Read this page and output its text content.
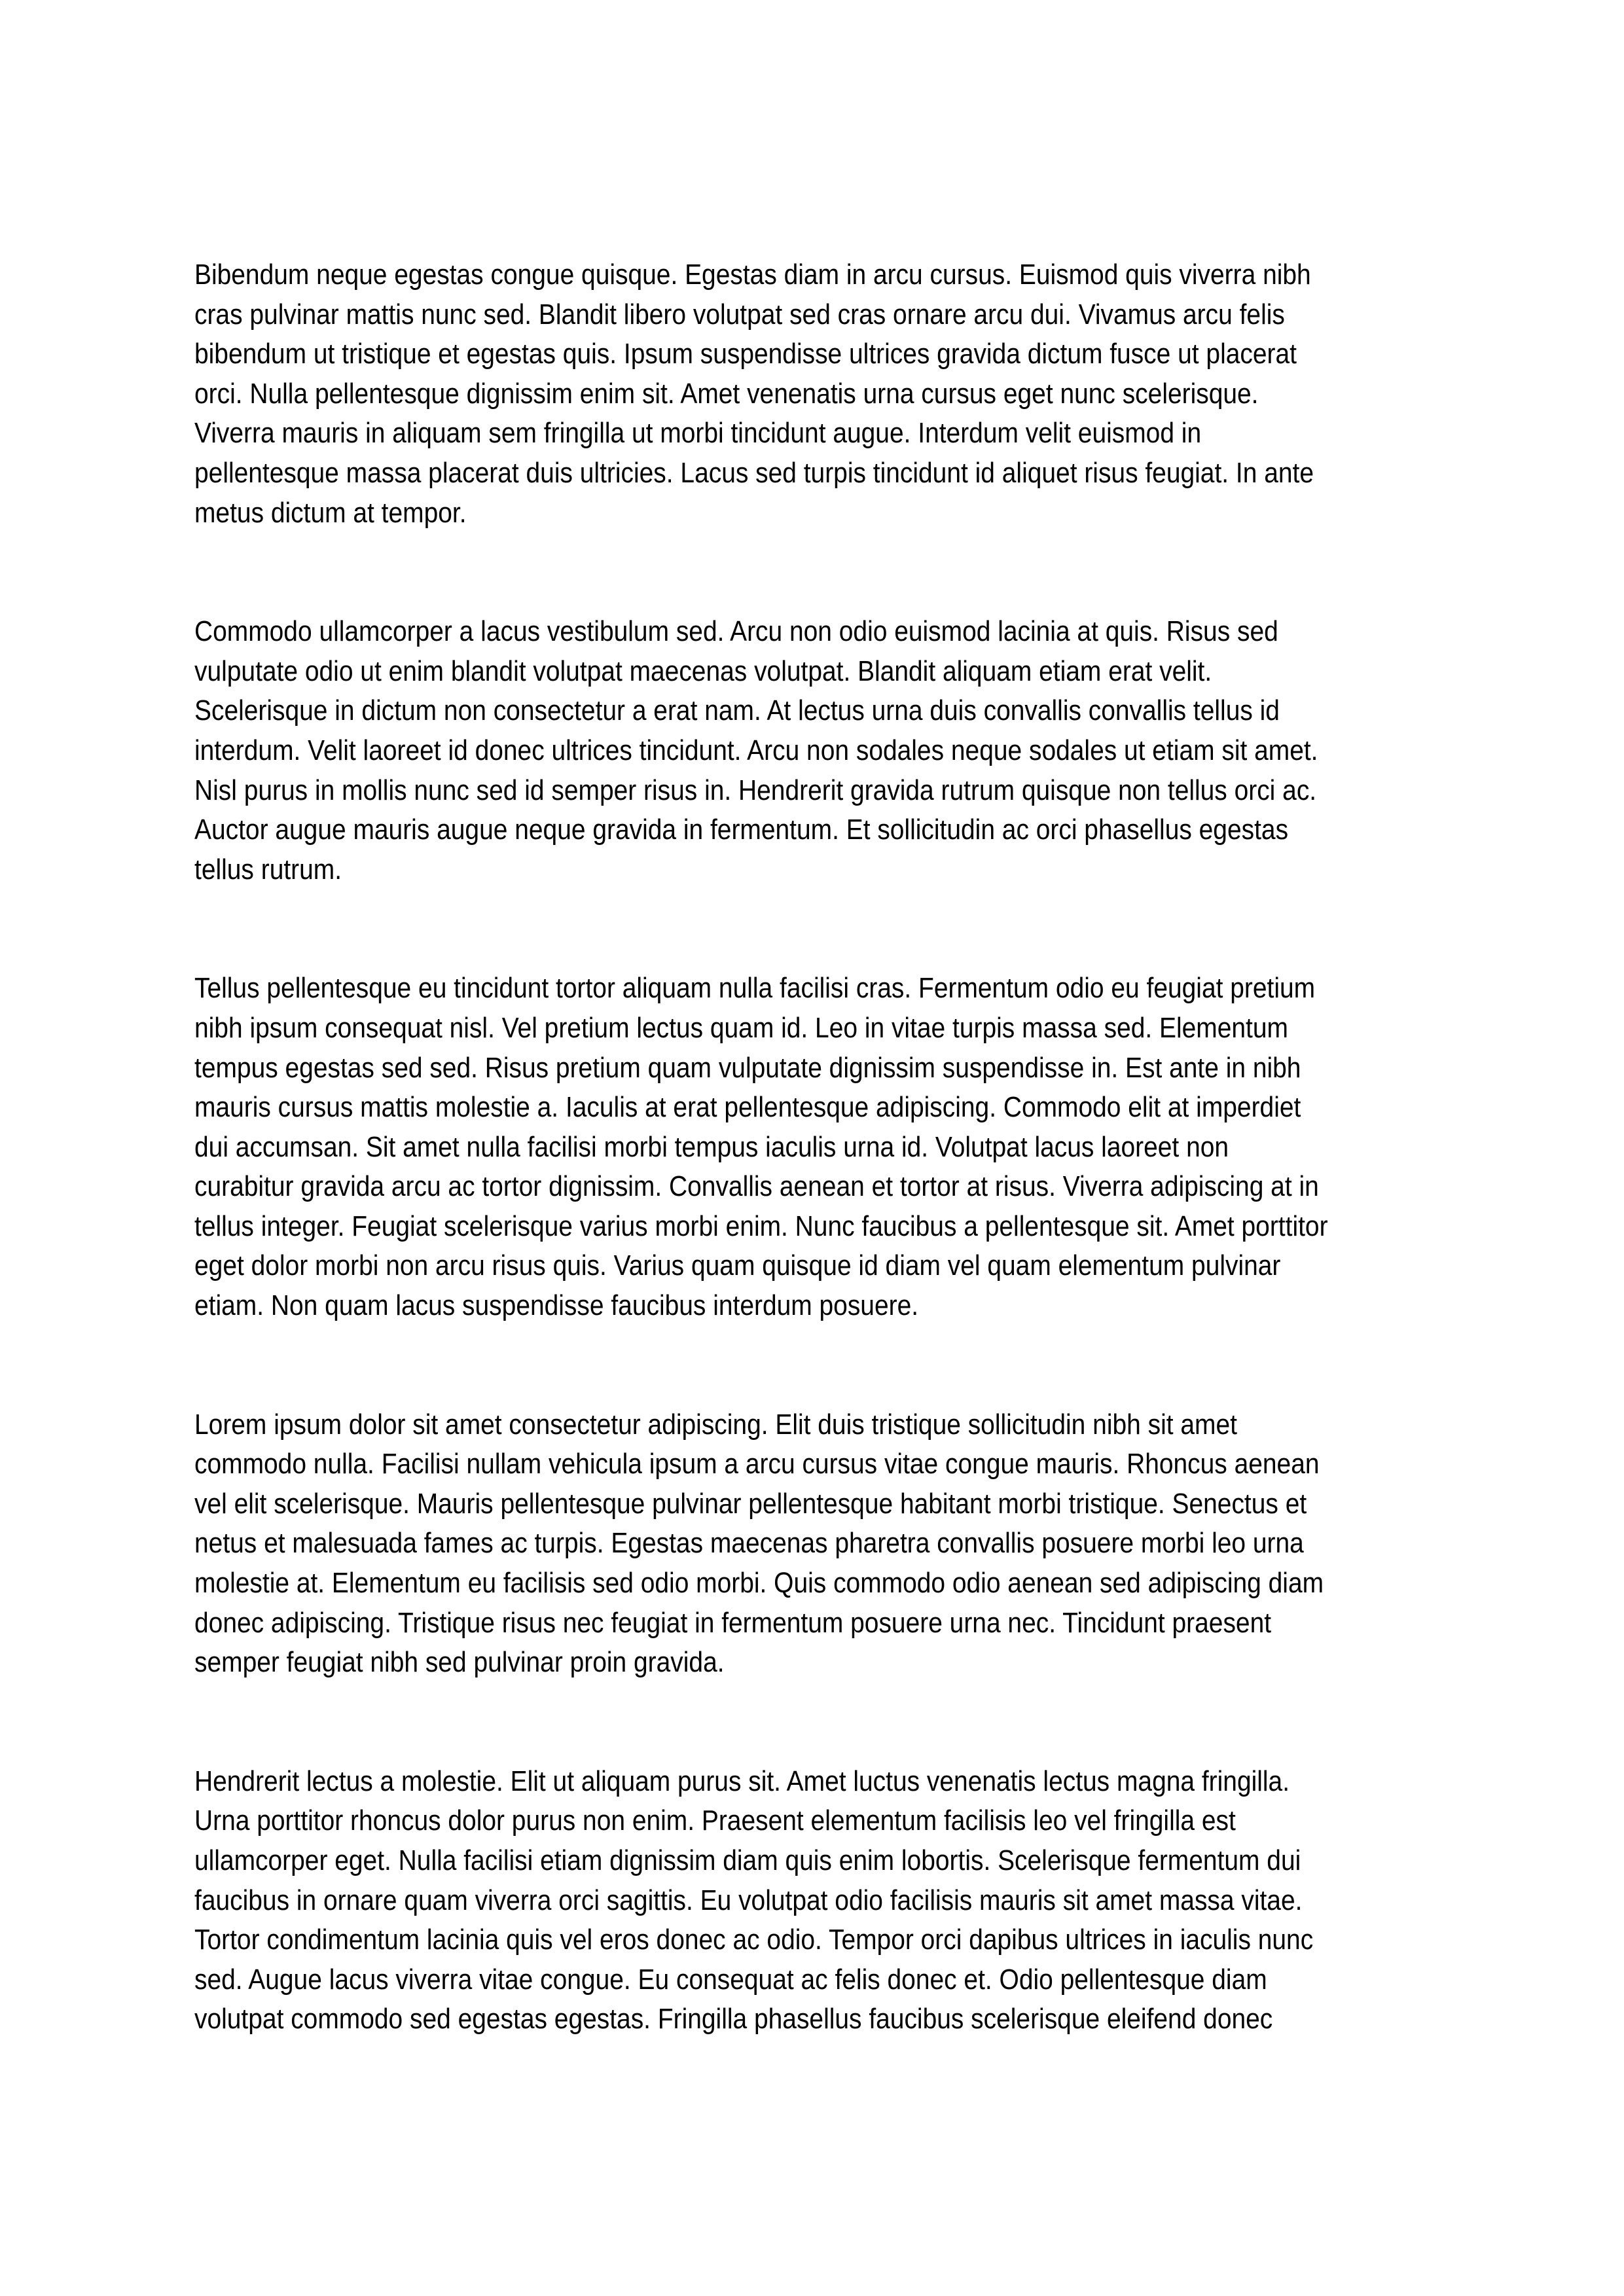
Bibendum neque egestas congue quisque. Egestas diam in arcu cursus. Euismod quis viverra nibh
cras pulvinar mattis nunc sed. Blandit libero volutpat sed cras ornare arcu dui. Vivamus arcu felis
bibendum ut tristique et egestas quis. Ipsum suspendisse ultrices gravida dictum fusce ut placerat
orci. Nulla pellentesque dignissim enim sit. Amet venenatis urna cursus eget nunc scelerisque.
Viverra mauris in aliquam sem fringilla ut morbi tincidunt augue. Interdum velit euismod in
pellentesque massa placerat duis ultricies. Lacus sed turpis tincidunt id aliquet risus feugiat. In ante
metus dictum at tempor.
Commodo ullamcorper a lacus vestibulum sed. Arcu non odio euismod lacinia at quis. Risus sed
vulputate odio ut enim blandit volutpat maecenas volutpat. Blandit aliquam etiam erat velit.
Scelerisque in dictum non consectetur a erat nam. At lectus urna duis convallis convallis tellus id
interdum. Velit laoreet id donec ultrices tincidunt. Arcu non sodales neque sodales ut etiam sit amet.
Nisl purus in mollis nunc sed id semper risus in. Hendrerit gravida rutrum quisque non tellus orci ac.
Auctor augue mauris augue neque gravida in fermentum. Et sollicitudin ac orci phasellus egestas
tellus rutrum.
Tellus pellentesque eu tincidunt tortor aliquam nulla facilisi cras. Fermentum odio eu feugiat pretium
nibh ipsum consequat nisl. Vel pretium lectus quam id. Leo in vitae turpis massa sed. Elementum
tempus egestas sed sed. Risus pretium quam vulputate dignissim suspendisse in. Est ante in nibh
mauris cursus mattis molestie a. Iaculis at erat pellentesque adipiscing. Commodo elit at imperdiet
dui accumsan. Sit amet nulla facilisi morbi tempus iaculis urna id. Volutpat lacus laoreet non
curabitur gravida arcu ac tortor dignissim. Convallis aenean et tortor at risus. Viverra adipiscing at in
tellus integer. Feugiat scelerisque varius morbi enim. Nunc faucibus a pellentesque sit. Amet porttitor
eget dolor morbi non arcu risus quis. Varius quam quisque id diam vel quam elementum pulvinar
etiam. Non quam lacus suspendisse faucibus interdum posuere.
Lorem ipsum dolor sit amet consectetur adipiscing. Elit duis tristique sollicitudin nibh sit amet
commodo nulla. Facilisi nullam vehicula ipsum a arcu cursus vitae congue mauris. Rhoncus aenean
vel elit scelerisque. Mauris pellentesque pulvinar pellentesque habitant morbi tristique. Senectus et
netus et malesuada fames ac turpis. Egestas maecenas pharetra convallis posuere morbi leo urna
molestie at. Elementum eu facilisis sed odio morbi. Quis commodo odio aenean sed adipiscing diam
donec adipiscing. Tristique risus nec feugiat in fermentum posuere urna nec. Tincidunt praesent
semper feugiat nibh sed pulvinar proin gravida.
Hendrerit lectus a molestie. Elit ut aliquam purus sit. Amet luctus venenatis lectus magna fringilla.
Urna porttitor rhoncus dolor purus non enim. Praesent elementum facilisis leo vel fringilla est
ullamcorper eget. Nulla facilisi etiam dignissim diam quis enim lobortis. Scelerisque fermentum dui
faucibus in ornare quam viverra orci sagittis. Eu volutpat odio facilisis mauris sit amet massa vitae.
Tortor condimentum lacinia quis vel eros donec ac odio. Tempor orci dapibus ultrices in iaculis nunc
sed. Augue lacus viverra vitae congue. Eu consequat ac felis donec et. Odio pellentesque diam
volutpat commodo sed egestas egestas. Fringilla phasellus faucibus scelerisque eleifend donec
